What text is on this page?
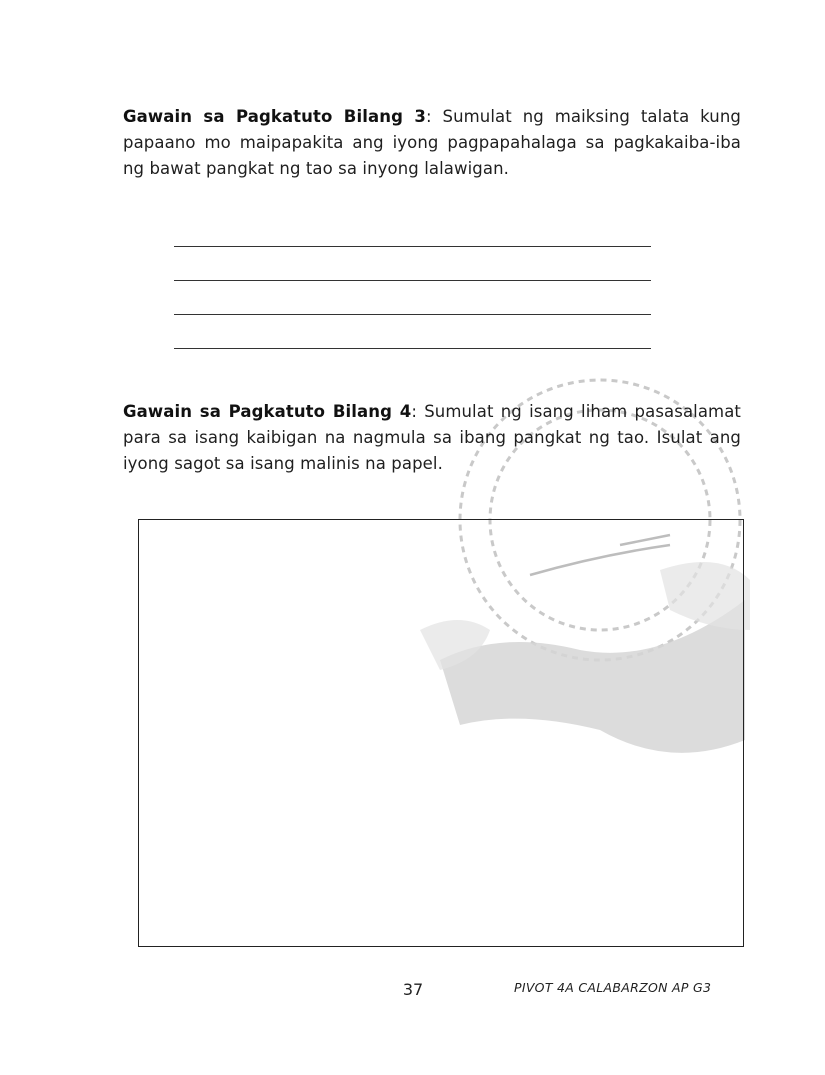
Gawain sa Pagkatuto Bilang 3: Sumulat ng maiksing talata kung papaano mo maipapakita ang iyong pagpapahalaga sa pagkakaiba-iba ng bawat pangkat ng tao sa inyong lalawigan.

Gawain sa Pagkatuto Bilang 4: Sumulat ng isang liham pasasalamat para sa isang kaibigan na nagmula sa ibang pangkat ng tao. Isulat ang iyong sagot sa isang malinis na papel.

37	PIVOT 4A CALABARZON AP G3
